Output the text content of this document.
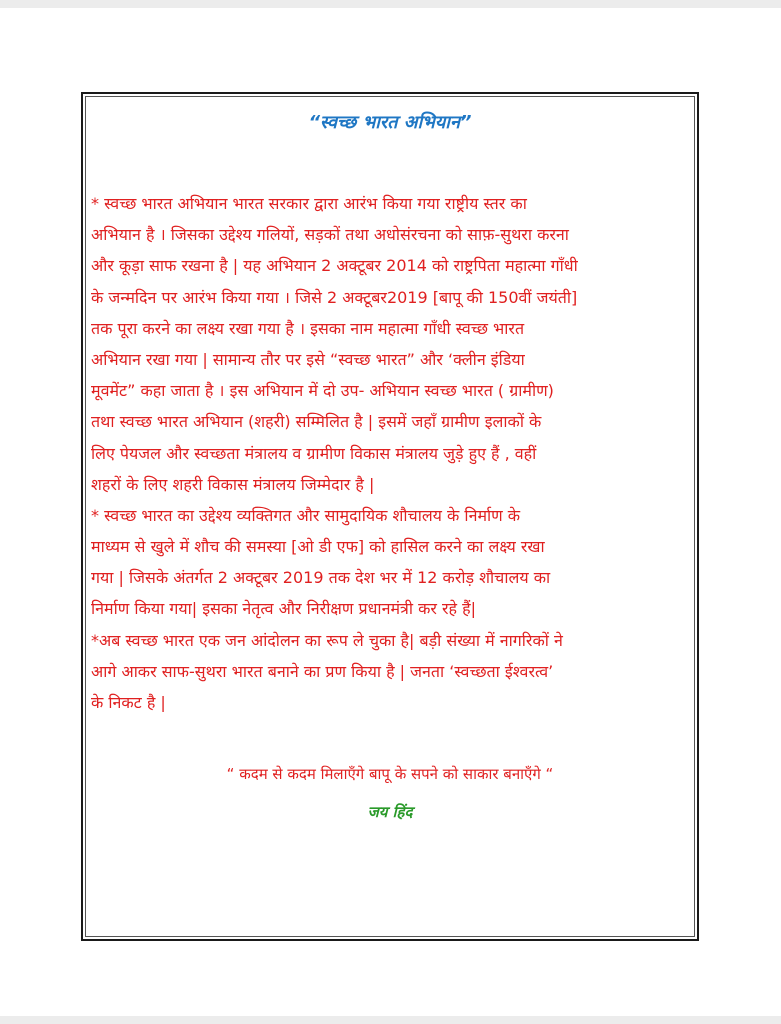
“स्वच्छ भारत अभियान”
* स्वच्छ भारत अभियान भारत सरकार द्वारा आरंभ किया गया राष्ट्रीय स्तर का
अभियान है । जिसका उद्देश्य गलियों, सड़कों तथा अधोसंरचना को साफ़-सुथरा करना
और कूड़ा साफ रखना है | यह अभियान 2 अक्टूबर 2014 को राष्ट्रपिता महात्मा गाँधी
के जन्मदिन पर आरंभ किया गया । जिसे 2 अक्टूबर2019 [बापू की 150वीं जयंती]
तक पूरा करने का लक्ष्य रखा गया है । इसका नाम महात्मा गाँधी स्वच्छ भारत
अभियान रखा गया | सामान्य तौर पर इसे “स्वच्छ भारत” और ‘क्लीन इंडिया
मूवमेंट” कहा जाता है । इस अभियान में दो उप- अभियान स्वच्छ भारत ( ग्रामीण)
तथा स्वच्छ भारत अभियान (शहरी) सम्मिलित है | इसमें जहाँ ग्रामीण इलाकों के
लिए पेयजल और स्वच्छता मंत्रालय व ग्रामीण विकास मंत्रालय जुड़े हुए हैं , वहीं
शहरों के लिए शहरी विकास मंत्रालय जिम्मेदार है |
* स्वच्छ भारत का उद्देश्य व्यक्तिगत और सामुदायिक शौचालय के निर्माण के
माध्यम से खुले में शौच की समस्या [ओ डी एफ] को हासिल करने का लक्ष्य रखा
गया | जिसके अंतर्गत 2 अक्टूबर 2019 तक देश भर में 12 करोड़ शौचालय का
निर्माण किया गया| इसका नेतृत्व और निरीक्षण प्रधानमंत्री कर रहे हैं|
*अब स्वच्छ भारत एक जन आंदोलन का रूप ले चुका है| बड़ी संख्या में नागरिकों ने
आगे आकर साफ-सुथरा भारत बनाने का प्रण किया है | जनता ‘स्वच्छता ईश्वरत्व’
के निकट है |
“ कदम से कदम मिलाएँगे बापू के सपने को साकार बनाएँगे “
जय हिंद
